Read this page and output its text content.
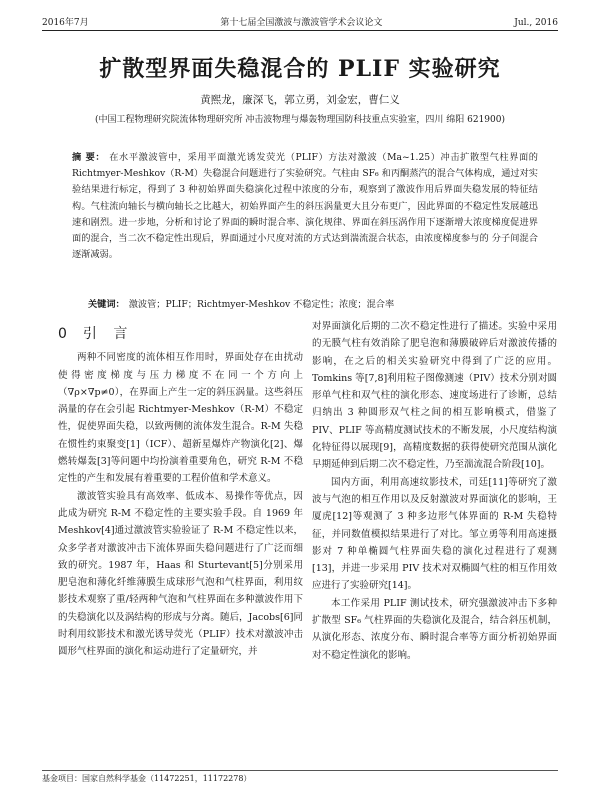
2016年7月	第十七届全国激波与激波管学术会议论文	Jul., 2016
扩散型界面失稳混合的 PLIF 实验研究
黄熙龙，廉深飞，郭立勇，刘金宏，曹仁义
(中国工程物理研究院流体物理研究所 冲击波物理与爆轰物理国防科技重点实验室，四川 绵阳 621900)
摘 要： 在水平激波管中，采用平面激光诱发荧光（PLIF）方法对激波（Ma~1.25）冲击扩散型气柱界面的 Richtmyer-Meshkov（R-M）失稳混合问题进行了实验研究。气柱由 SF₆ 和丙酮蒸汽的混合气体构成，通过对实验结果进行标定，得到了 3 种初始界面失稳演化过程中浓度的分布，观察到了激波作用后界面失稳发展的特征结构。气柱流向轴长与横向轴长之比越大，初始界面产生的斜压涡量更大且分布更广，因此界面的不稳定性发展越迅速和剧烈。进一步地，分析和讨论了界面的瞬时混合率、演化规律、界面在斜压涡作用下逐渐增大浓度梯度促进界面的混合，当二次不稳定性出现后，界面通过小尺度对流的方式达到湍流混合状态，由浓度梯度参与的 分子间混合逐渐减弱。
关键词： 激波管；PLIF；Richtmyer-Meshkov 不稳定性；浓度；混合率
0 引 言

两种不同密度的流体相互作用时，界面处存在由扰动使得密度梯度与压力梯度不在同一个方向上（∇ρ×∇p≠0），在界面上产生一定的斜压涡量。这些斜压涡量的存在会引起 Richtmyer-Meshkov（R-M）不稳定性，促使界面失稳，以致两侧的流体发生混合。R-M 失稳在惯性约束聚变[1]（ICF）、超新星爆炸产物演化[2]、爆燃转爆轰[3]等问题中均扮演着重要角色，研究 R-M 不稳定性的产生和发展有着重要的工程价值和学术意义。

激波管实验具有高效率、低成本、易操作等优点，因此成为研究 R-M 不稳定性的主要实验手段。自 1969 年 Meshkov[4]通过激波管实验验证了 R-M 不稳定性以来，众多学者对激波冲击下流体界面失稳问题进行了广泛而细致的研究。1987 年，Haas 和 Sturtevant[5]分别采用肥皂泡和薄化纤维薄膜生成球形气泡和气柱界面，利用纹影技术观察了重/轻两种气泡和气柱界面在多种激波作用下的失稳演化以及涡结构的形成与分离。随后，Jacobs[6]同时利用纹影技术和激光诱导荧光（PLIF）技术对激波冲击圆形气柱界面的演化和运动进行了定量研究，并

对界面演化后期的二次不稳定性进行了描述。实验中采用的无膜气柱有效消除了肥皂泡和薄膜破碎后对激波传播的影响，在之后的相关实验研究中得到了广泛的应用。Tomkins 等[7,8]利用粒子图像测速（PIV）技术分别对圆形单气柱和双气柱的演化形态、速度场进行了诊断，总结归纳出 3 种圆形双气柱之间的相互影响模式，借鉴了 PIV、PLIF 等高精度测试技术的不断发展，小尺度结构演化特征得以展现[9]，高精度数据的获得使研究范围从演化早期延伸到后期二次不稳定性，乃至湍流混合阶段[10]。

国内方面，利用高速纹影技术，司廷[11]等研究了激波与气泡的相互作用以及反射激波对界面演化的影响，王厦虎[12]等观测了 3 种多边形气体界面的 R-M 失稳特征，并同数值模拟结果进行了对比。邹立勇等利用高速摄影对 7 种单椭圆气柱界面失稳的演化过程进行了观测[13]，并进一步采用 PIV 技术对双椭圆气柱的相互作用效应进行了实验研究[14]。

本工作采用 PLIF 测试技术，研究强激波冲击下多种扩散型 SF₆ 气柱界面的失稳演化及混合，结合斜压机制，从演化形态、浓度分布、瞬时混合率等方面分析初始界面对不稳定性演化的影响。

基金项目：国家自然科学基金（11472251，11172278）
